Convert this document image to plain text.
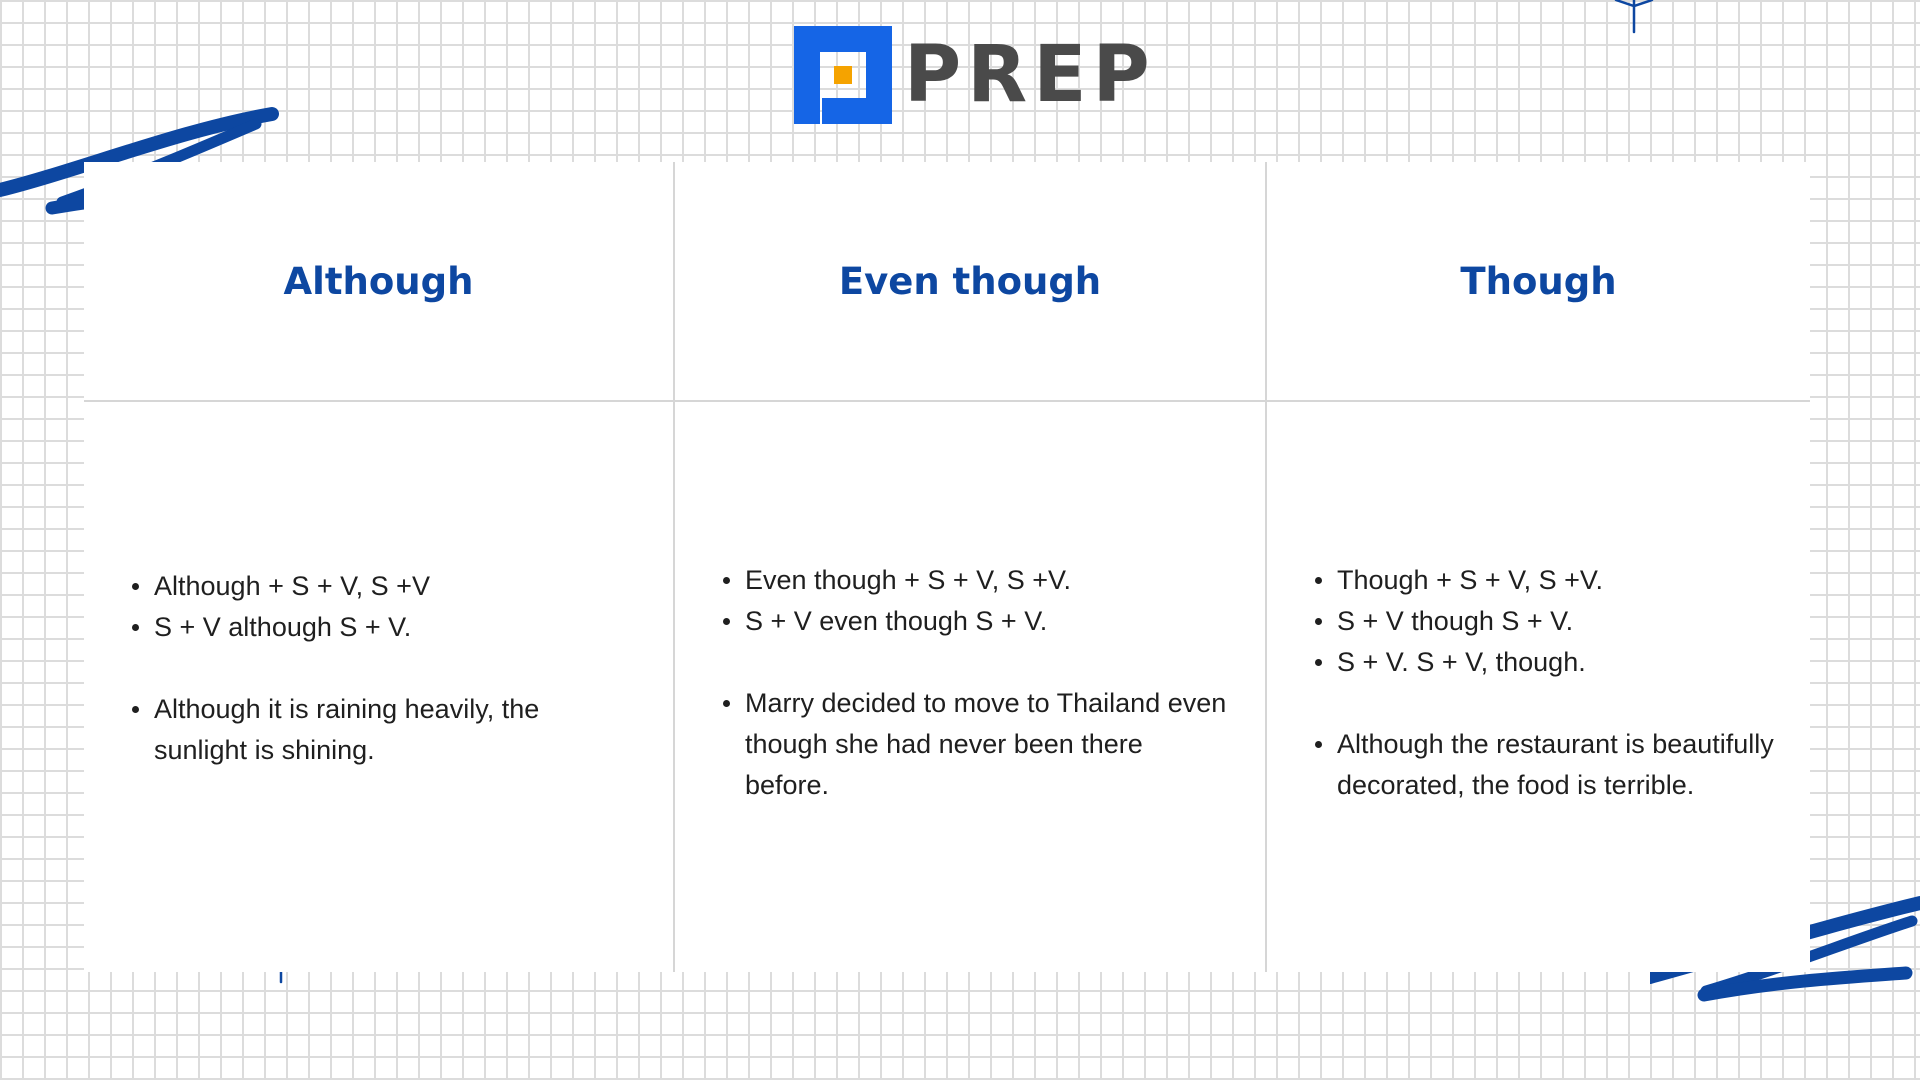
PREP
Although	Even though	Though
Although + S + V, S +V
S + V although S + V.
Although it is raining heavily, the sunlight is shining.
Even though + S + V, S +V.
S + V even though S + V.
Marry decided to move to Thailand even though she had never been there before.
Though + S + V, S +V.
S + V though S + V.
S + V. S + V, though.
Although the restaurant is beautifully decorated, the food is terrible.
